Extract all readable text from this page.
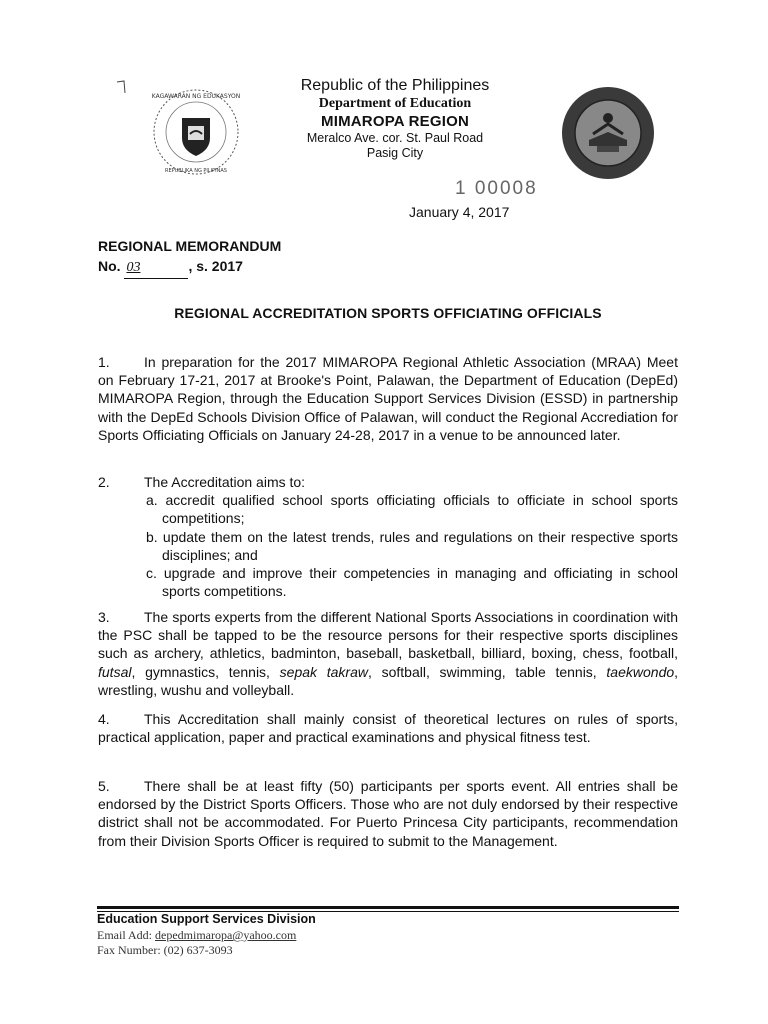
KAGAWARAN NG EDUKASYON
REPUBLIKA NG PILIPINAS
Republic of the Philippines
Department of Education
MIMAROPA REGION
Meralco Ave. cor. St. Paul Road
Pasig City
1 00008
January 4, 2017
REGIONAL MEMORANDUM
No. 03	, s. 2017
REGIONAL ACCREDITATION SPORTS OFFICIATING OFFICIALS
1. In preparation for the 2017 MIMAROPA Regional Athletic Association (MRAA) Meet on February 17-21, 2017 at Brooke's Point, Palawan, the Department of Education (DepEd) MIMAROPA Region, through the Education Support Services Division (ESSD) in partnership with the DepEd Schools Division Office of Palawan, will conduct the Regional Accrediation for Sports Officiating Officials on January 24-28, 2017 in a venue to be announced later.
2. The Accreditation aims to:
a. accredit qualified school sports officiating officials to officiate in school sports competitions;
b. update them on the latest trends, rules and regulations on their respective sports disciplines; and
c. upgrade and improve their competencies in managing and officiating in school sports competitions.
3. The sports experts from the different National Sports Associations in coordination with the PSC shall be tapped to be the resource persons for their respective sports disciplines such as archery, athletics, badminton, baseball, basketball, billiard, boxing, chess, football, futsal, gymnastics, tennis, sepak takraw, softball, swimming, table tennis, taekwondo, wrestling, wushu and volleyball.
4. This Accreditation shall mainly consist of theoretical lectures on rules of sports, practical application, paper and practical examinations and physical fitness test.
5. There shall be at least fifty (50) participants per sports event. All entries shall be endorsed by the District Sports Officers. Those who are not duly endorsed by their respective district shall not be accommodated. For Puerto Princesa City participants, recommendation from their Division Sports Officer is required to submit to the Management.
Education Support Services Division
Email Add: depedmimaropa@yahoo.com
Fax Number: (02) 637-3093
